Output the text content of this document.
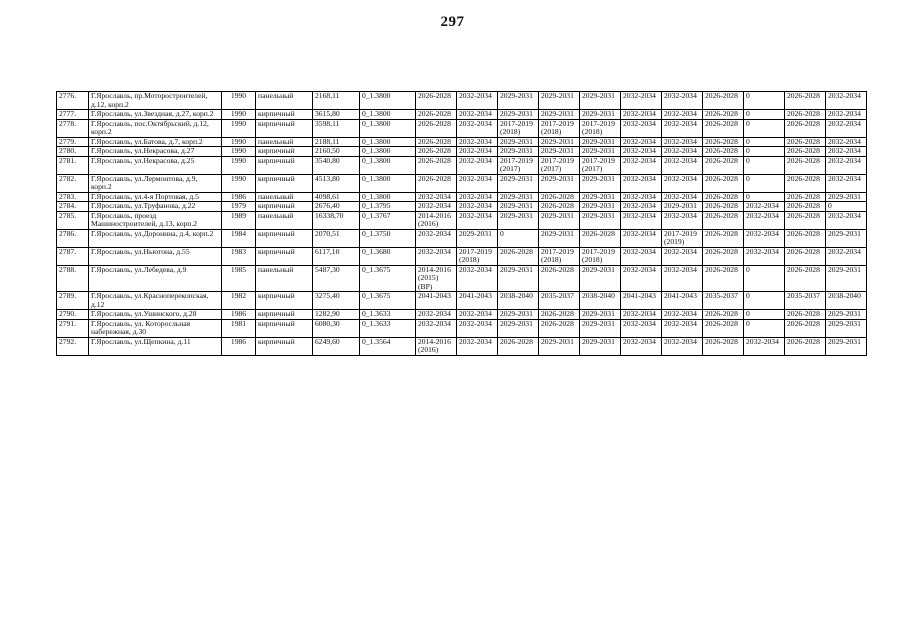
297
2776.	Г.Ярославль, пр.Моторостроителей, д.12, корп.2	1990	панельный	2168,11	0_1.3800	2026-2028	2032-2034	2029-2031	2029-2031	2029-2031	2032-2034	2032-2034	2026-2028	0	2026-2028	2032-2034
2777.	Г.Ярославль, ул.Звездная, д.27, корп.2	1990	кирпичный	3615,80	0_1.3800	2026-2028	2032-2034	2029-2031	2029-2031	2029-2031	2032-2034	2032-2034	2026-2028	0	2026-2028	2032-2034
2778.	Г.Ярославль, пос.Октябрьский, д.12, корп.2	1990	кирпичный	3598,11	0_1.3800	2026-2028	2032-2034	2017-2019 (2018)	2017-2019 (2018)	2017-2019 (2018)	2032-2034	2032-2034	2026-2028	0	2026-2028	2032-2034
2779.	Г.Ярославль, ул.Батова, д.7, корп.2	1990	панельный	2188,11	0_1.3800	2026-2028	2032-2034	2029-2031	2029-2031	2029-2031	2032-2034	2032-2034	2026-2028	0	2026-2028	2032-2034
2780.	Г.Ярославль, ул.Некрасова, д.27	1990	кирпичный	2160,50	0_1.3800	2026-2028	2032-2034	2029-2031	2029-2031	2029-2031	2032-2034	2032-2034	2026-2028	0	2026-2028	2032-2034
2781.	Г.Ярославль, ул.Некрасова, д.25	1990	кирпичный	3540,80	0_1.3800	2026-2028	2032-2034	2017-2019 (2017)	2017-2019 (2017)	2017-2019 (2017)	2032-2034	2032-2034	2026-2028	0	2026-2028	2032-2034
2782.	Г.Ярославль, ул.Лермонтова, д.9, корп.2	1990	кирпичный	4513,80	0_1.3800	2026-2028	2032-2034	2029-2031	2029-2031	2029-2031	2032-2034	2032-2034	2026-2028	0	2026-2028	2032-2034
2783.	Г.Ярославль, ул.4-я Портовая, д.5	1986	панельный	4098,61	0_1.3800	2032-2034	2032-2034	2029-2031	2026-2028	2029-2031	2032-2034	2032-2034	2026-2028	0	2026-2028	2029-2031
2784.	Г.Ярославль, ул.Труфанова, д.22	1979	кирпичный	2676,40	0_1.3795	2032-2034	2032-2034	2029-2031	2026-2028	2029-2031	2032-2034	2029-2031	2026-2028	2032-2034	2026-2028	0
2785.	Г.Ярославль, проезд Машиностроителей, д.13, корп.2	1989	панельный	16338,70	0_1.3767	2014-2016 (2016)	2032-2034	2029-2031	2029-2031	2029-2031	2032-2034	2032-2034	2026-2028	2032-2034	2026-2028	2032-2034
2786.	Г.Ярославль, ул.Доронина, д.4, корп.2	1984	кирпичный	2070,51	0_1.3750	2032-2034	2029-2031	0	2029-2031	2026-2028	2032-2034	2017-2019 (2019)	2026-2028	2032-2034	2026-2028	2029-2031
2787.	Г.Ярославль, ул.Ньютона, д.55	1983	кирпичный	6117,10	0_1.3680	2032-2034	2017-2019 (2018)	2026-2028	2017-2019 (2018)	2017-2019 (2018)	2032-2034	2032-2034	2026-2028	2032-2034	2026-2028	2032-2034
2788.	Г.Ярославль, ул.Лебедева, д.9	1985	панельный	5487,30	0_1.3675	2014-2016 (2015) (ВР)	2032-2034	2029-2031	2026-2028	2029-2031	2032-2034	2032-2034	2026-2028	0	2026-2028	2029-2031
2789.	Г.Ярославль, ул.Красноперекопская, д.12	1982	кирпичный	3275,40	0_1.3675	2041-2043	2041-2043	2038-2040	2035-2037	2038-2040	2041-2043	2041-2043	2035-2037	0	2035-2037	2038-2040
2790.	Г.Ярославль, ул.Ушинского, д.28	1986	кирпичный	1282,90	0_1.3633	2032-2034	2032-2034	2029-2031	2026-2028	2029-2031	2032-2034	2032-2034	2026-2028	0	2026-2028	2029-2031
2791.	Г.Ярославль, ул. Которосльная набережная, д.30	1981	кирпичный	6080,30	0_1.3633	2032-2034	2032-2034	2029-2031	2026-2028	2029-2031	2032-2034	2032-2034	2026-2028	0	2026-2028	2029-2031
2792.	Г.Ярославль, ул.Щепкина, д.11	1986	кирпичный	6249,60	0_1.3564	2014-2016 (2016)	2032-2034	2026-2028	2029-2031	2029-2031	2032-2034	2032-2034	2026-2028	2032-2034	2026-2028	2029-2031
